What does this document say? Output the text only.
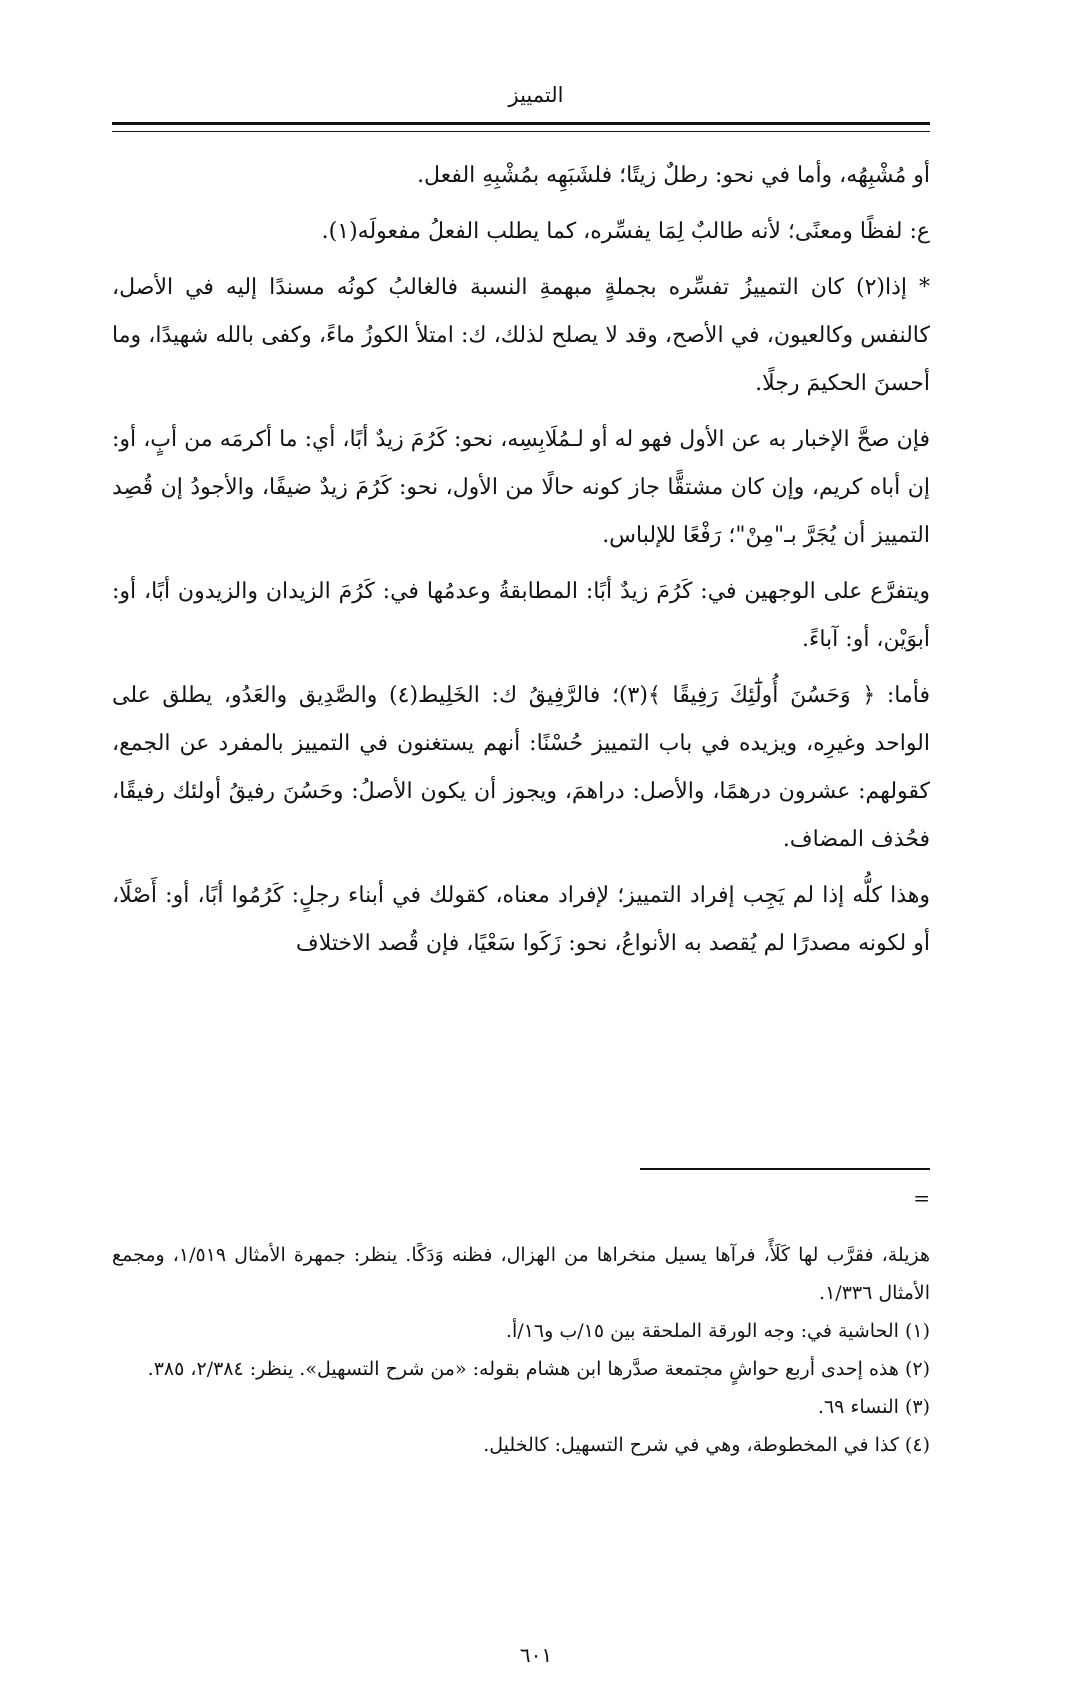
التمييز

أو مُشْبِهُه، وأما في نحو: رطلٌ زيتًا؛ فلشَبَهِه بمُشْبِهِ الفعل.

ع: لفظًا ومعنًى؛ لأنه طالبٌ لِمَا يفسِّره، كما يطلب الفعلُ مفعولَه(١).

* إذا(٢) كان التمييزُ تفسِّره بجملةٍ مبهمةِ النسبة فالغالبُ كونُه مسندًا إليه في الأصل، كالنفس وكالعيون، في الأصح، وقد لا يصلح لذلك، ك: امتلأ الكوزُ ماءً، وكفى بالله شهيدًا، وما أحسنَ الحكيمَ رجلًا.

فإن صحَّ الإخبار به عن الأول فهو له أو لـمُلَابِسِه، نحو: كَرُمَ زيدٌ أبًا، أي: ما أكرمَه من أبٍ، أو: إن أباه كريم، وإن كان مشتقًّا جاز كونه حالًا من الأول، نحو: كَرُمَ زيدٌ ضيفًا، والأجودُ إن قُصِد التمييز أن يُجَرَّ بـ"مِنْ"؛ رَفْعًا للإلباس.

ويتفرَّع على الوجهين في: كَرُمَ زيدٌ أبًا: المطابقةُ وعدمُها في: كَرُمَ الزيدان والزيدون أبًا، أو: أبوَيْن، أو: آباءً.

فأما: ﴿ وَحَسُنَ أُولَٰٓئِكَ رَفِيقًا ﴾(٣)؛ فالرَّفِيقُ ك: الخَلِيط(٤) والصَّدِيق والعَدُو، يطلق على الواحد وغيرِه، ويزيده في باب التمييز حُسْنًا: أنهم يستغنون في التمييز بالمفرد عن الجمع، كقولهم: عشرون درهمًا، والأصل: دراهمَ، ويجوز أن يكون الأصلُ: وحَسُنَ رفيقُ أولئك رفيقًا، فحُذف المضاف.

وهذا كلُّه إذا لم يَجِب إفراد التمييز؛ لإفراد معناه، كقولك في أبناء رجلٍ: كَرُمُوا أبًا، أو: أَصْلًا، أو لكونه مصدرًا لم يُقصد به الأنواعُ، نحو: زَكَوا سَعْيًا، فإن قُصد الاختلاف

=

هزيلة، فقرَّب لها كَلَأً، فرآها يسيل منخراها من الهزال، فظنه وَدَكًا. ينظر: جمهرة الأمثال ١/٥١٩، ومجمع الأمثال ١/٣٣٦.

(١) الحاشية في: وجه الورقة الملحقة بين ١٥/ب و١٦/أ.

(٢) هذه إحدى أربع حواشٍ مجتمعة صدَّرها ابن هشام بقوله: «من شرح التسهيل». ينظر: ٢/٣٨٤، ٣٨٥.

(٣) النساء ٦٩.

(٤) كذا في المخطوطة، وهي في شرح التسهيل: كالخليل.

٦٠١
